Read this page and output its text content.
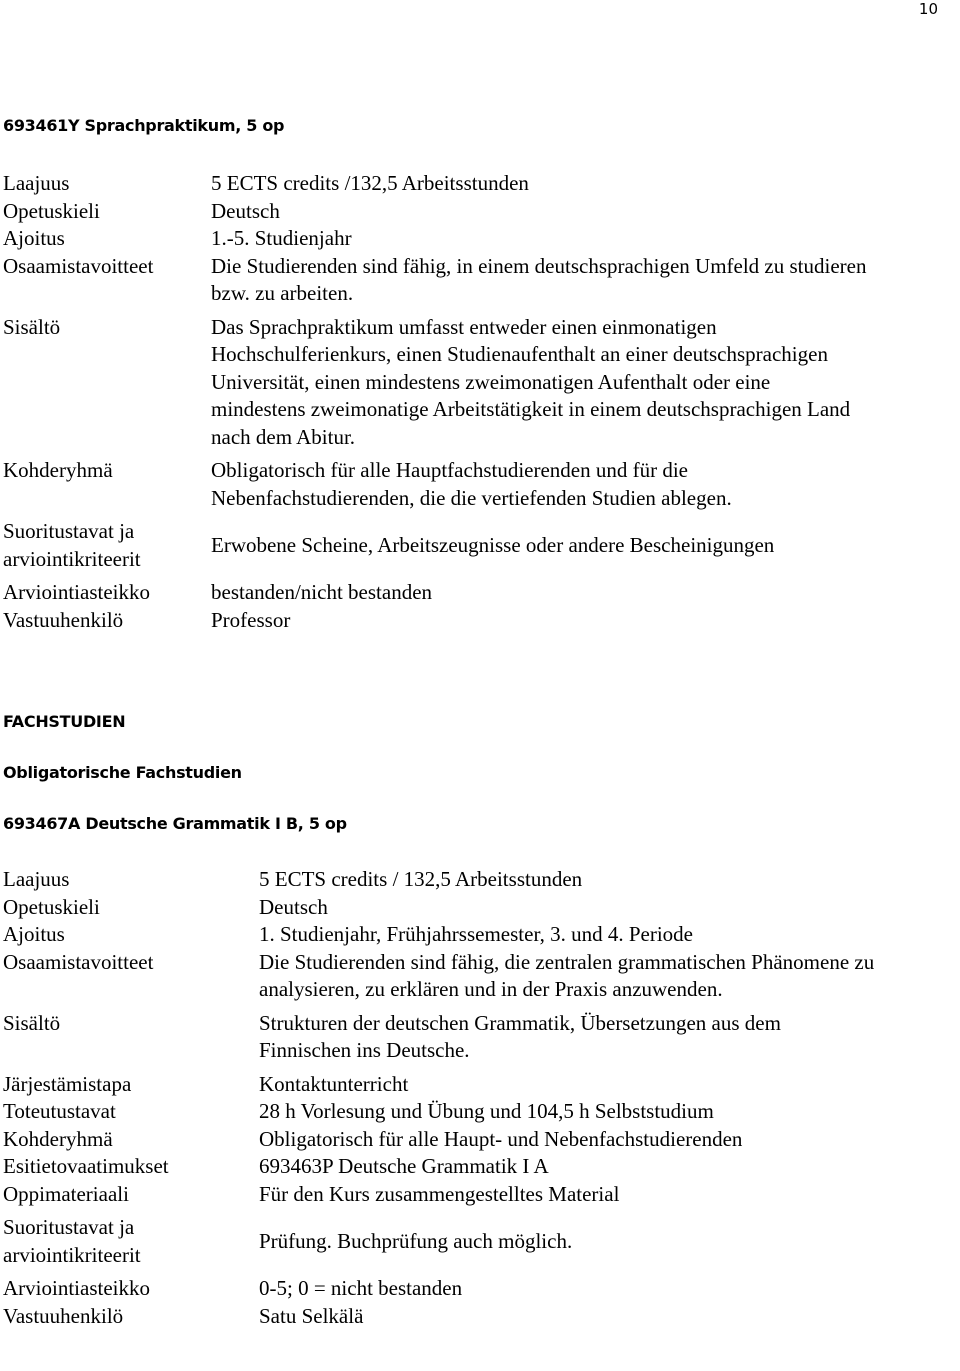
10
693461Y Sprachpraktikum, 5 op
Laajuus	5 ECTS credits /132,5 Arbeitsstunden
Opetuskieli	Deutsch
Ajoitus	1.-5. Studienjahr
Osaamistavoitteet	Die Studierenden sind fähig, in einem deutschsprachigen Umfeld zu studieren
bzw. zu arbeiten.
Sisältö	Das Sprachpraktikum umfasst entweder einen einmonatigen
Hochschulferienkurs, einen Studienaufenthalt an einer deutschsprachigen
Universität, einen mindestens zweimonatigen Aufenthalt oder eine
mindestens zweimonatige Arbeitstätigkeit in einem deutschsprachigen Land
nach dem Abitur.
Kohderyhmä	Obligatorisch für alle Hauptfachstudierenden und für die
Nebenfachstudierenden, die die vertiefenden Studien ablegen.
Suoritustavat ja
arviointikriteerit	Erwobene Scheine, Arbeitszeugnisse oder andere Bescheinigungen
Arviointiasteikko	bestanden/nicht bestanden
Vastuuhenkilö	Professor
FACHSTUDIEN
Obligatorische Fachstudien
693467A Deutsche Grammatik I B, 5 op
Laajuus	5 ECTS credits / 132,5 Arbeitsstunden
Opetuskieli	Deutsch
Ajoitus	1. Studienjahr, Frühjahrssemester, 3. und 4. Periode
Osaamistavoitteet	Die Studierenden sind fähig, die zentralen grammatischen Phänomene zu
analysieren, zu erklären und in der Praxis anzuwenden.
Sisältö	Strukturen der deutschen Grammatik, Übersetzungen aus dem
Finnischen ins Deutsche.
Järjestämistapa	Kontaktunterricht
Toteutustavat	28 h Vorlesung und Übung und 104,5 h Selbststudium
Kohderyhmä	Obligatorisch für alle Haupt- und Nebenfachstudierenden
Esitietovaatimukset	693463P Deutsche Grammatik I A
Oppimateriaali	Für den Kurs zusammengestelltes Material
Suoritustavat ja
arviointikriteerit	Prüfung. Buchprüfung auch möglich.
Arviointiasteikko	0-5; 0 = nicht bestanden
Vastuuhenkilö	Satu Selkälä
